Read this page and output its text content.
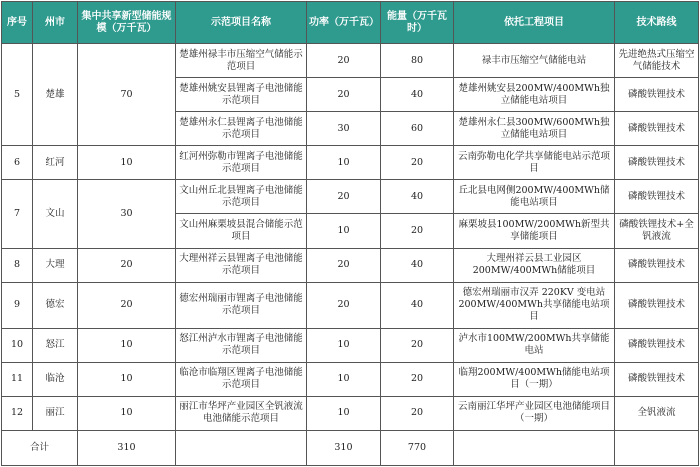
序号	州市	集中共享新型储能规模（万千瓦）	示范项目名称	功率（万千瓦）	能量（万千瓦时）	依托工程项目	技术路线
5	楚雄	70	楚雄州禄丰市压缩空气储能示范项目	20	80	禄丰市压缩空气储能电站	先进绝热式压缩空气储能技术
			楚雄州姚安县锂离子电池储能示范项目	20	40	楚雄州姚安县200MW/400MWh独立储能电站项目	磷酸铁锂技术
			楚雄州永仁县锂离子电池储能示范项目	30	60	楚雄州永仁县300MW/600MWh独立储能电站项目	磷酸铁锂技术
6	红河	10	红河州弥勒市锂离子电池储能示范项目	10	20	云南弥勒电化学共享储能电站示范项目	磷酸铁锂技术
7	文山	30	文山州丘北县锂离子电池储能示范项目	20	40	丘北县电网侧200MW/400MWh储能电站项目	磷酸铁锂技术
			文山州麻栗坡县混合储能示范项目	10	20	麻栗坡县100MW/200MWh新型共享储能项目	磷酸铁锂技术+全钒液流
8	大理	20	大理州祥云县锂离子电池储能示范项目	20	40	大理州祥云县工业园区200MW/400MWh储能项目	磷酸铁锂技术
9	德宏	20	德宏州瑞丽市锂离子电池储能示范项目	20	40	德宏州瑞丽市汉弄 220KV 变电站200MW/400MWh共享储能电站项目	磷酸铁锂技术
10	怒江	10	怒江州泸水市锂离子电池储能示范项目	10	20	泸水市100MW/200MWh共享储能电站	磷酸铁锂技术
11	临沧	10	临沧市临翔区锂离子电池储能示范项目	10	20	临翔200MW/400MWh储能电站项目（一期）	磷酸铁锂技术
12	丽江	10	丽江市华坪产业园区全钒液流电池储能示范项目	10	20	云南丽江华坪产业园区电池储能项目（一期）	全钒液流
合计		310		310	770		
